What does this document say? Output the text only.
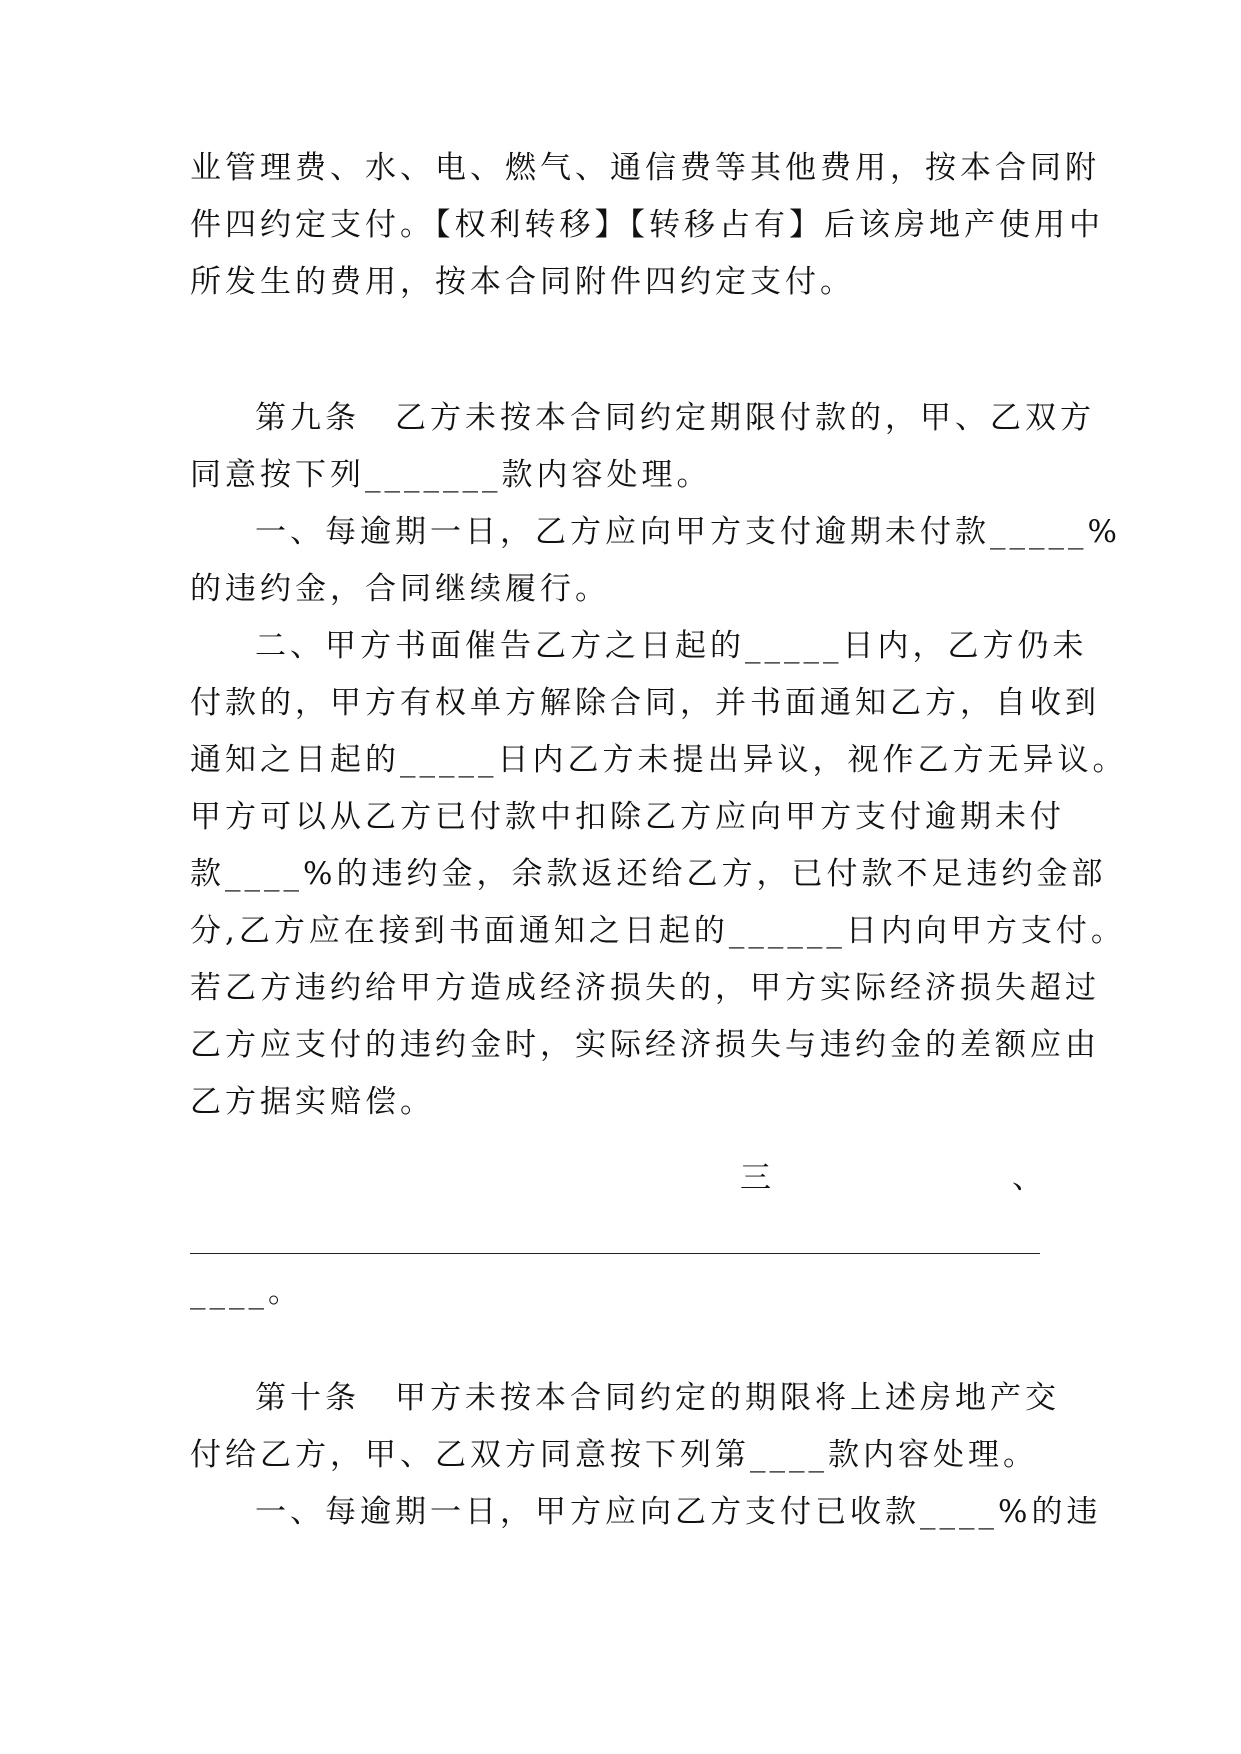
业管理费、水、电、燃气、通信费等其他费用，按本合同附
件四约定支付。【权利转移】【转移占有】后该房地产使用中
所发生的费用，按本合同附件四约定支付。
第九条　乙方未按本合同约定期限付款的，甲、乙双方
同意按下列_______款内容处理。
一、每逾期一日，乙方应向甲方支付逾期未付款_____%
的违约金，合同继续履行。
二、甲方书面催告乙方之日起的_____日内，乙方仍未
付款的，甲方有权单方解除合同，并书面通知乙方，自收到
通知之日起的_____日内乙方未提出异议，视作乙方无异议。
甲方可以从乙方已付款中扣除乙方应向甲方支付逾期未付
款____%的违约金，余款返还给乙方，已付款不足违约金部
分,乙方应在接到书面通知之日起的______日内向甲方支付。
若乙方违约给甲方造成经济损失的，甲方实际经济损失超过
乙方应支付的违约金时，实际经济损失与违约金的差额应由
乙方据实赔偿。
三	、
____。
第十条　甲方未按本合同约定的期限将上述房地产交
付给乙方，甲、乙双方同意按下列第____款内容处理。
一、每逾期一日，甲方应向乙方支付已收款____%的违
